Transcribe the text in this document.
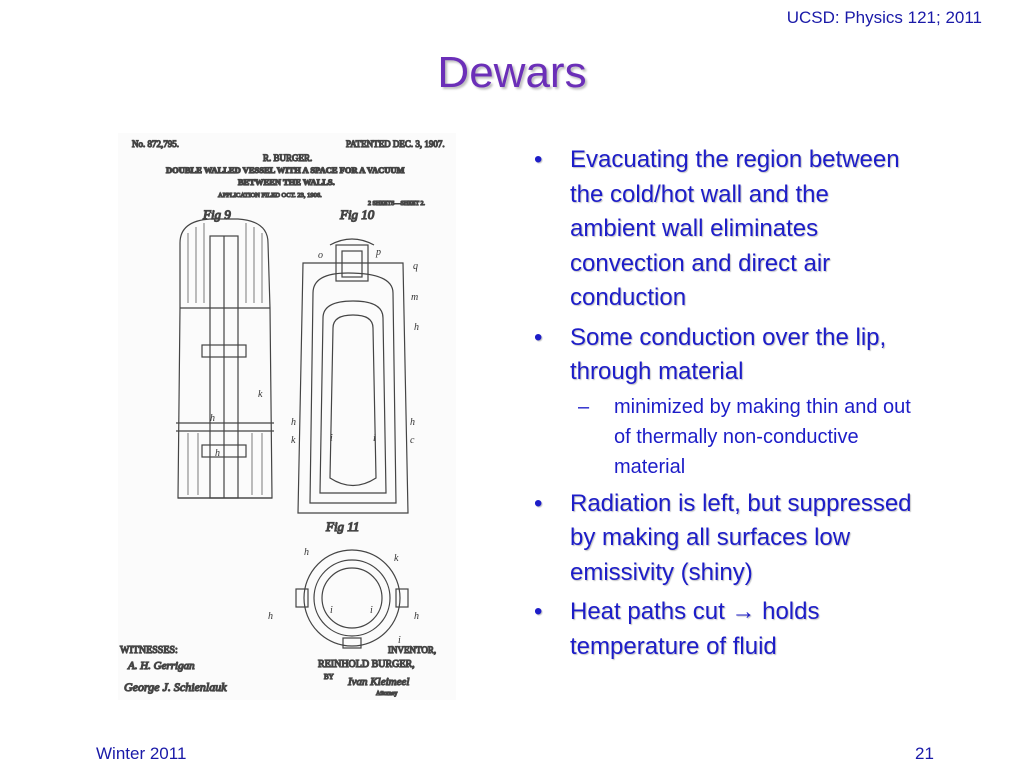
UCSD: Physics 121; 2011
Dewars
No. 872,795.	PATENTED DEC. 3, 1907.
R. BURGER.
DOUBLE WALLED VESSEL WITH A SPACE FOR A VACUUM
BETWEEN THE WALLS.
APPLICATION FILED OCT. 23, 1906.
2 SHEETS—SHEET 2.
Fig 9	Fig 10
k
h
h
o	p
q
m
h
h
k	i	i
h
c
Fig 11
h
k
h
i	i
h
i
WITNESSES:
A. H. Gerrigan
George J. Schienlauk
INVENTOR,
REINHOLD BURGER,
BY Ivan Kleimeel
Attorney
• Evacuating the region between the cold/hot wall and the ambient wall eliminates convection and direct air conduction
• Some conduction over the lip, through material
– minimized by making thin and out of thermally non-conductive material
• Radiation is left, but suppressed by making all surfaces low emissivity (shiny)
• Heat paths cut → holds temperature of fluid
Winter 2011	21
